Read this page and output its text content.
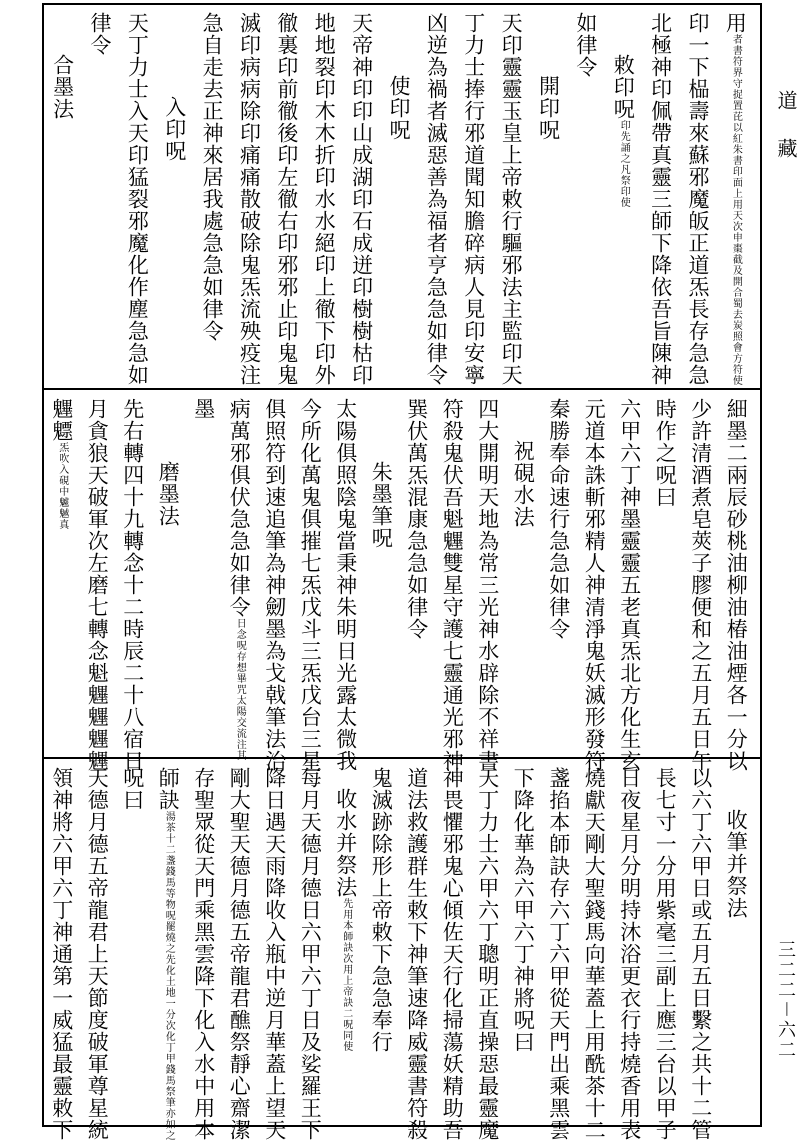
道　藏
三二二－六二
用者書符界守捉置芘以紅朱書印面上用天次申棗截及開合蜀去炭照會方符使
印一下榀壽來蘇邪魔皈正道炁長存急急
北極神印佩帶真靈三師下降依吾旨陳神
敕印呪印先誦之凡祭印使
如律令
開印呪
天印靈靈玉皇上帝敕行驅邪法主監印天
丁力士捧行邪道聞知膽碎病人見印安寧
凶逆為禍者滅惡善為福者亨急急如律令
使印呪
天帝神印印山成湖印石成迸印樹樹枯印
地地裂印木木折印水水絕印上徹下印外
徹裏印前徹後印左徹右印邪邪止印鬼鬼
滅印病病除印痛痛散破除鬼炁流殃疫注
急自走去正神來居我處急急如律令
入印呪
天丁力士入天印猛裂邪魔化作塵急急如
律令
合墨法
細墨二兩辰砂桃油柳油椿油煙各一分以
少許清酒煮皂莢子膠便和之五月五日午
時作之呪曰
六甲六丁神墨靈靈五老真炁北方化生玄
元道本誅斬邪精人神清淨鬼妖滅形發符
秦勝奉命速行急急如律令
祝硯水法
四大開明天地為常三光神水辟除不祥書
符殺鬼伏吾魁魓雙星守護七靈通光邪神
巽伏萬炁混康急急如律令
朱墨筆呪
太陽俱照陰鬼當秉神朱明日光露太微我
今所化萬鬼俱摧七炁戊斗三炁戊台三星
俱照符到速追筆為神劒墨為戈戟筆法治
病萬邪俱伏急急如律令日念呪存想畢咒太陽交流注其
墨
磨墨法
先右轉四十九轉念十二時辰二十八宿日
月貪狼天破軍次左磨七轉念魁魓魓魓魓
魓魒炁吹入硯中魖魊真
收筆并祭法
以六丁六甲日或五月五日繫之共十二管
長七寸一分用紫毫三副上應三台以甲子
日夜星月分明持沐浴更衣行持燒香用表
燒獻天剛大聖錢馬向華蓋上用酰茶十二
盞掐本師訣存六丁六甲從天門出乘黑雲
下降化華為六甲六丁神將呪曰
天丁力士六甲六丁聰明正直操惡最靈魔
神畏懼邪鬼心傾佐天行化掃蕩妖精助吾
道法救護群生敕下神筆速降威靈書符殺
鬼滅跡除形上帝敕下急急奉行
收水并祭法先用本師訣次用上帝訣二呪同使
每月天德月德日六甲六丁日及娑羅王下
降日遇天雨降收入瓶中逆月華蓋上望天
剛大聖天德月德五帝龍君醮祭靜心齋潔
存聖眾從天門乘黑雲降下化入水中用本
師訣湯茶十二盞錢馬等物呪罷燒之先化土地一分次化丁甲錢馬祭筆亦如之
呪曰
天德月德五帝龍君上天節度破軍尊星統
領神將六甲六丁神通第一威猛最靈敕下
